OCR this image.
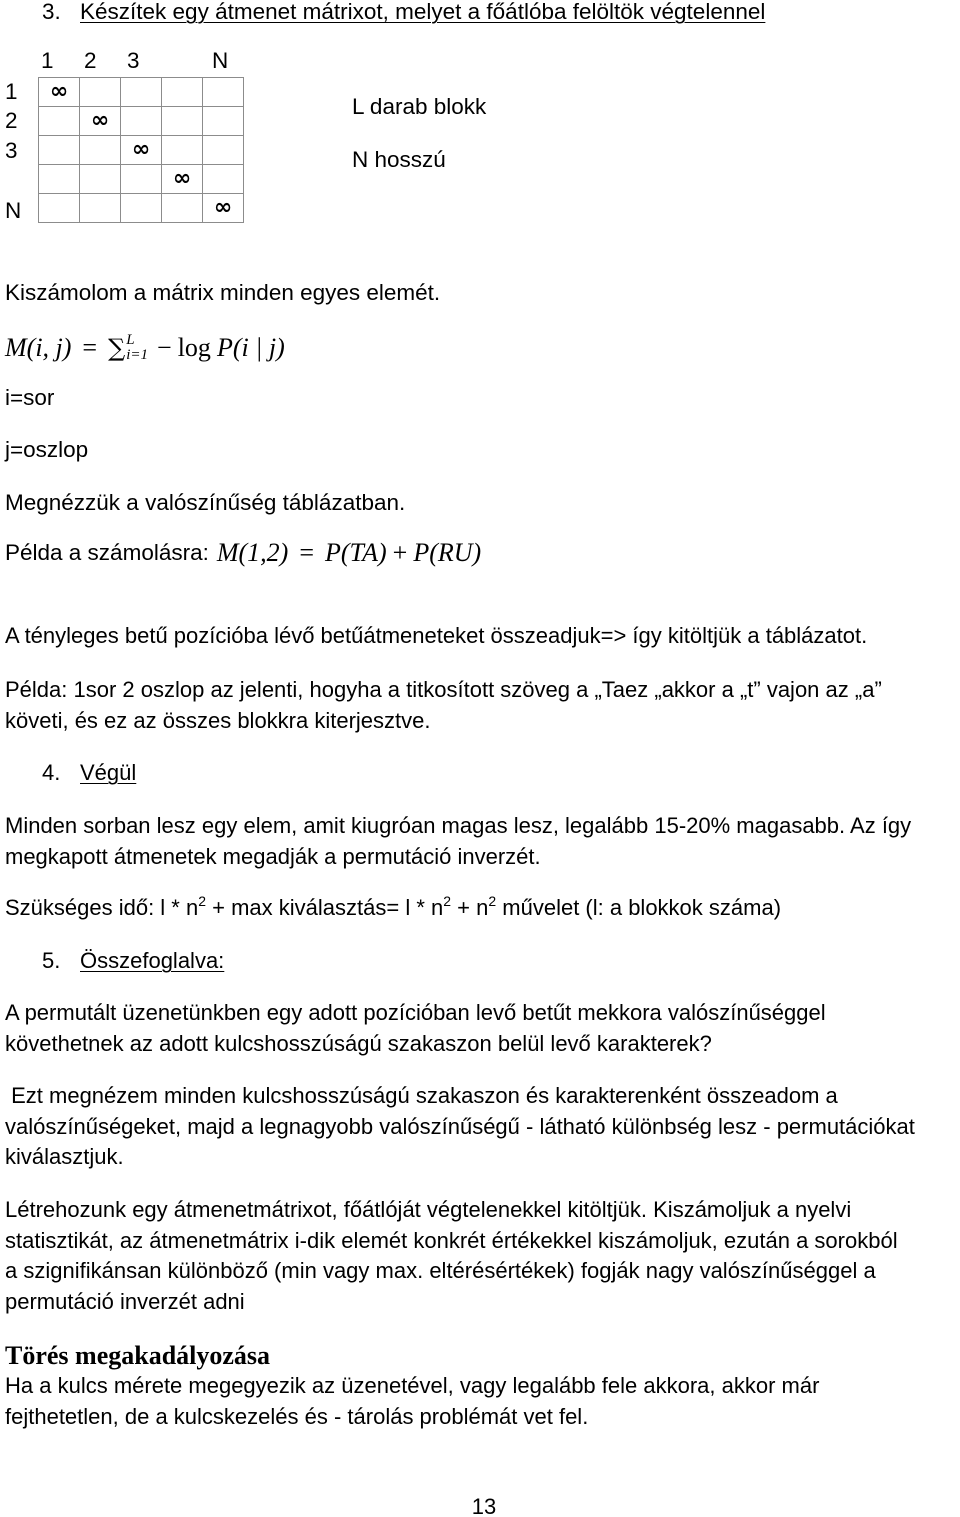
3. Készítek egy átmenet mátrixot, melyet a főátlóba felöltök végtelennel
1 2 3	N
1
2
3
N
∞
∞
∞
∞
∞
L darab blokk
N hosszú
Kiszámolom a mátrix minden egyes elemét.
M(i, j) = ∑ L
i=1 − log P(i | j)
i=sor
j=oszlop
Megnézzük a valószínűség táblázatban.
Példa a számolásra: M(1,2) = P(TA) + P(RU)
A tényleges betű pozícióba lévő betűátmeneteket összeadjuk=> így kitöltjük a táblázatot.
Példa: 1sor 2 oszlop az jelenti, hogyha a titkosított szöveg a „Taez „akkor a „t” vajon az „a”
követi, és ez az összes blokkra kiterjesztve.
4. Végül
Minden sorban lesz egy elem, amit kiugróan magas lesz, legalább 15-20% magasabb. Az így
megkapott átmenetek megadják a permutáció inverzét.
Szükséges idő: $l * n^2 + \max$ kiválasztás= $l * n^2 + n^2$ művelet (l: a blokkok száma)
5. Összefoglalva:
A permutált üzenetünkben egy adott pozícióban levő betűt mekkora valószínűséggel
követhetnek az adott kulcshosszúságú szakaszon belül levő karakterek?
Ezt megnézem minden kulcshosszúságú szakaszon és karakterenként összeadom a
valószínűségeket, majd a legnagyobb valószínűségű - látható különbség lesz - permutációkat
kiválasztjuk.
Létrehozunk egy átmenetmátrixot, főátlóját végtelenekkel kitöltjük. Kiszámoljuk a nyelvi
statisztikát, az átmenetmátrix i-dik elemét konkrét értékekkel kiszámoljuk, ezután a sorokból
a szignifikánsan különböző (min vagy max. eltérésértékek) fogják nagy valószínűséggel a
permutáció inverzét adni
Törés megakadályozása
Ha a kulcs mérete megegyezik az üzenetével, vagy legalább fele akkora, akkor már
fejthetetlen, de a kulcskezelés és - tárolás problémát vet fel.
13
